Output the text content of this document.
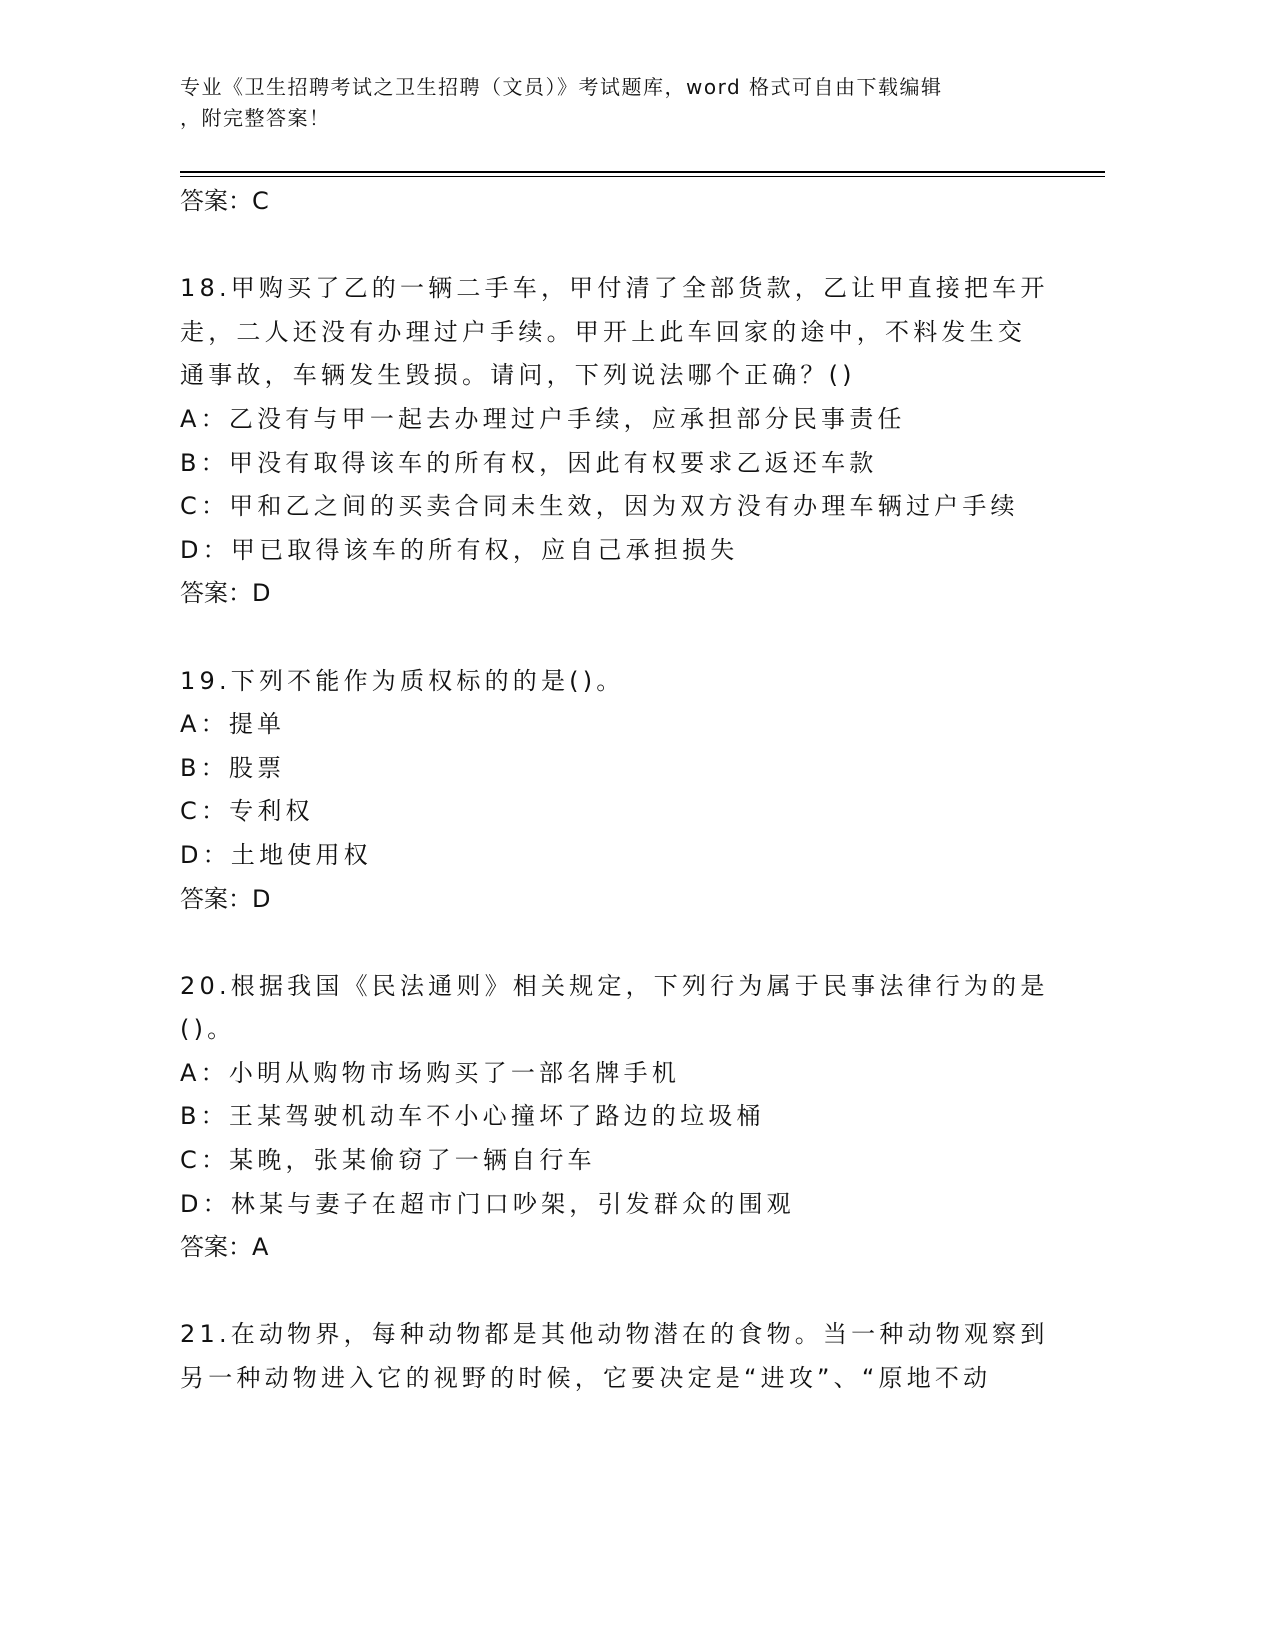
专业《卫生招聘考试之卫生招聘（文员）》考试题库，word 格式可自由下载编辑
，附完整答案！
答案：C
18.甲购买了乙的一辆二手车，甲付清了全部货款，乙让甲直接把车开
走，二人还没有办理过户手续。甲开上此车回家的途中，不料发生交
通事故，车辆发生毁损。请问，下列说法哪个正确？()
A：乙没有与甲一起去办理过户手续，应承担部分民事责任
B：甲没有取得该车的所有权，因此有权要求乙返还车款
C：甲和乙之间的买卖合同未生效，因为双方没有办理车辆过户手续
D：甲已取得该车的所有权，应自己承担损失
答案：D
19.下列不能作为质权标的的是()。
A：提单
B：股票
C：专利权
D：土地使用权
答案：D
20.根据我国《民法通则》相关规定，下列行为属于民事法律行为的是
()。
A：小明从购物市场购买了一部名牌手机
B：王某驾驶机动车不小心撞坏了路边的垃圾桶
C：某晚，张某偷窃了一辆自行车
D：林某与妻子在超市门口吵架，引发群众的围观
答案：A
21.在动物界，每种动物都是其他动物潜在的食物。当一种动物观察到
另一种动物进入它的视野的时候，它要决定是“进攻”、“原地不动
